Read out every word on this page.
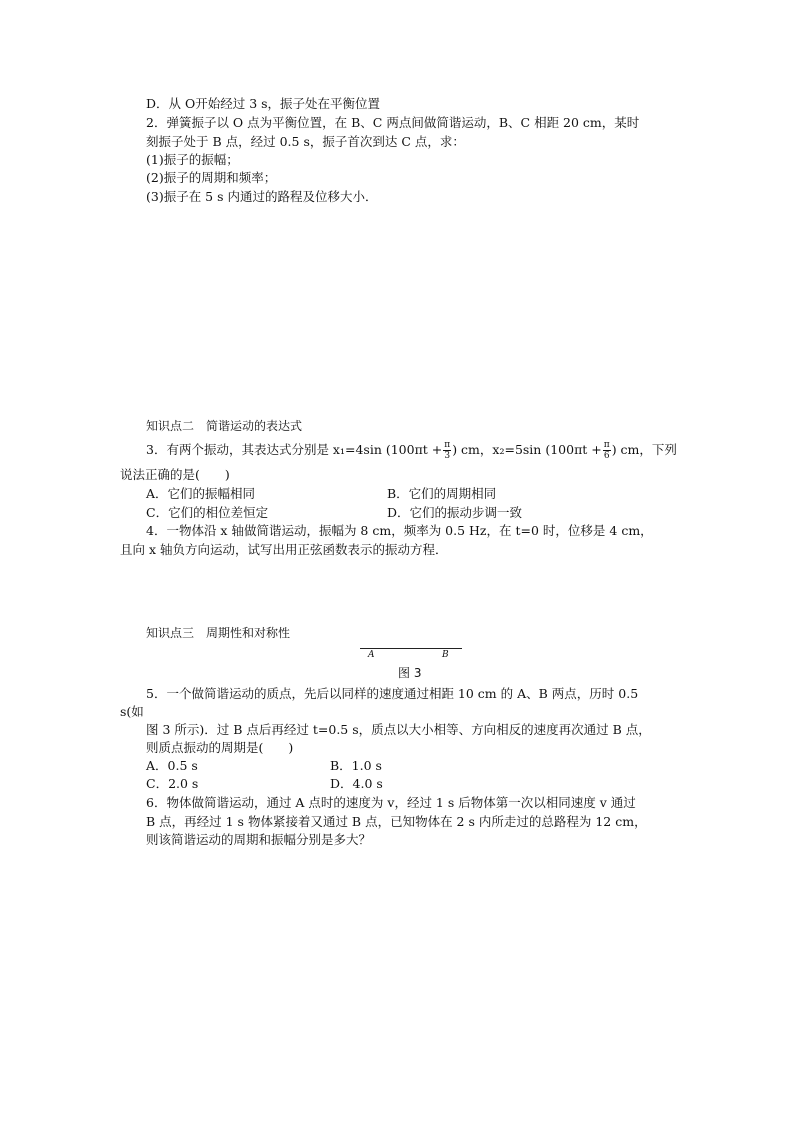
D．从 O开始经过 3 s，振子处在平衡位置
2．弹簧振子以 O 点为平衡位置，在 B、C 两点间做简谐运动，B、C 相距 20 cm，某时
刻振子处于 B 点，经过 0.5 s，振子首次到达 C 点，求：
(1)振子的振幅；
(2)振子的周期和频率；
(3)振子在 5 s 内通过的路程及位移大小．
知识点二　简谐运动的表达式
3．有两个振动，其表达式分别是 x₁=4sin ($100\pi t + \frac{\pi}{3}$ ) cm，x₂=5sin ($100\pi t + \frac{\pi}{6}$ ) cm，下列
说法正确的是(　　)
A．它们的振幅相同	B．它们的周期相同
C．它们的相位差恒定	D．它们的振动步调一致
4．一物体沿 x 轴做简谐运动，振幅为 8 cm，频率为 0.5 Hz，在 t=0 时，位移是 4 cm，
且向 x 轴负方向运动，试写出用正弦函数表示的振动方程．
知识点三　周期性和对称性
A	B
图 3
5．一个做简谐运动的质点，先后以同样的速度通过相距 10 cm 的 A、B 两点，历时 0.5
s(如
图 3 所示)．过 B 点后再经过 t=0.5 s，质点以大小相等、方向相反的速度再次通过 B 点，
则质点振动的周期是(　　)
A．0.5 s	B．1.0 s
C．2.0 s	D．4.0 s
6．物体做简谐运动，通过 A 点时的速度为 v，经过 1 s 后物体第一次以相同速度 v 通过
B 点，再经过 1 s 物体紧接着又通过 B 点，已知物体在 2 s 内所走过的总路程为 12 cm，
则该简谐运动的周期和振幅分别是多大？
